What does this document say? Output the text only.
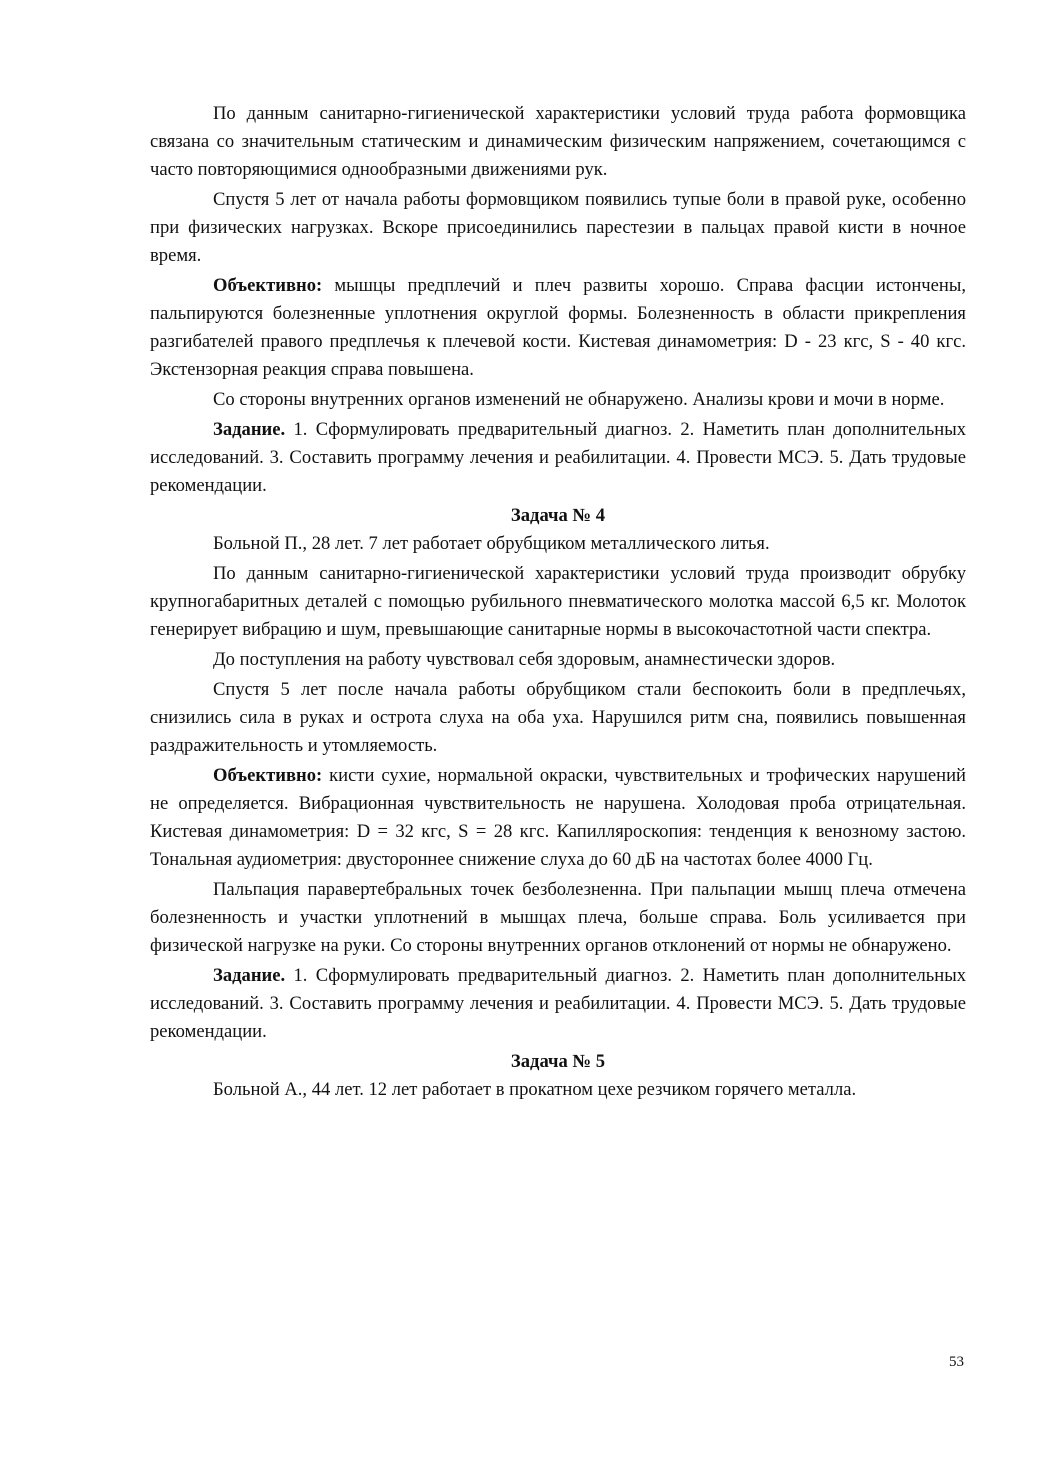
По данным санитарно-гигиенической характеристики условий труда работа формовщика связана со значительным статическим и динамическим физическим напряжением, сочетающимся с часто повторяющимися однообразными движениями рук.

Спустя 5 лет от начала работы формовщиком появились тупые боли в правой руке, особенно при физических нагрузках. Вскоре присоединились парестезии в пальцах правой кисти в ночное время.

Объективно: мышцы предплечий и плеч развиты хорошо. Справа фасции истончены, пальпируются болезненные уплотнения округлой формы. Болезненность в области прикрепления разгибателей правого предплечья к плечевой кости. Кистевая динамометрия: D - 23 кгс, S - 40 кгс. Экстензорная реакция справа повышена.

Со стороны внутренних органов изменений не обнаружено. Анализы крови и мочи в норме.

Задание. 1. Сформулировать предварительный диагноз. 2. Наметить план дополнительных исследований. 3. Составить программу лечения и реабилитации. 4. Провести МСЭ. 5. Дать трудовые рекомендации.

Задача № 4

Больной П., 28 лет. 7 лет работает обрубщиком металлического литья.

По данным санитарно-гигиенической характеристики условий труда производит обрубку крупногабаритных деталей с помощью рубильного пневматического молотка массой 6,5 кг. Молоток генерирует вибрацию и шум, превышающие санитарные нормы в высокочастотной части спектра.

До поступления на работу чувствовал себя здоровым, анамнестически здоров.

Спустя 5 лет после начала работы обрубщиком стали беспокоить боли в предплечьях, снизились сила в руках и острота слуха на оба уха. Нарушился ритм сна, появились повышенная раздражительность и утомляемость.

Объективно: кисти сухие, нормальной окраски, чувствительных и трофических нарушений не определяется. Вибрационная чувствительность не нарушена. Холодовая проба отрицательная. Кистевая динамометрия: D = 32 кгс, S = 28 кгс. Капилляроскопия: тенденция к венозному застою. Тональная аудиометрия: двустороннее снижение слуха до 60 дБ на частотах более 4000 Гц.

Пальпация паравертебральных точек безболезненна. При пальпации мышц плеча отмечена болезненность и участки уплотнений в мышцах плеча, больше справа. Боль усиливается при физической нагрузке на руки. Со стороны внутренних органов отклонений от нормы не обнаружено.

Задание. 1. Сформулировать предварительный диагноз. 2. Наметить план дополнительных исследований. 3. Составить программу лечения и реабилитации. 4. Провести МСЭ. 5. Дать трудовые рекомендации.

Задача № 5

Больной А., 44 лет. 12 лет работает в прокатном цехе резчиком горячего металла.

53
